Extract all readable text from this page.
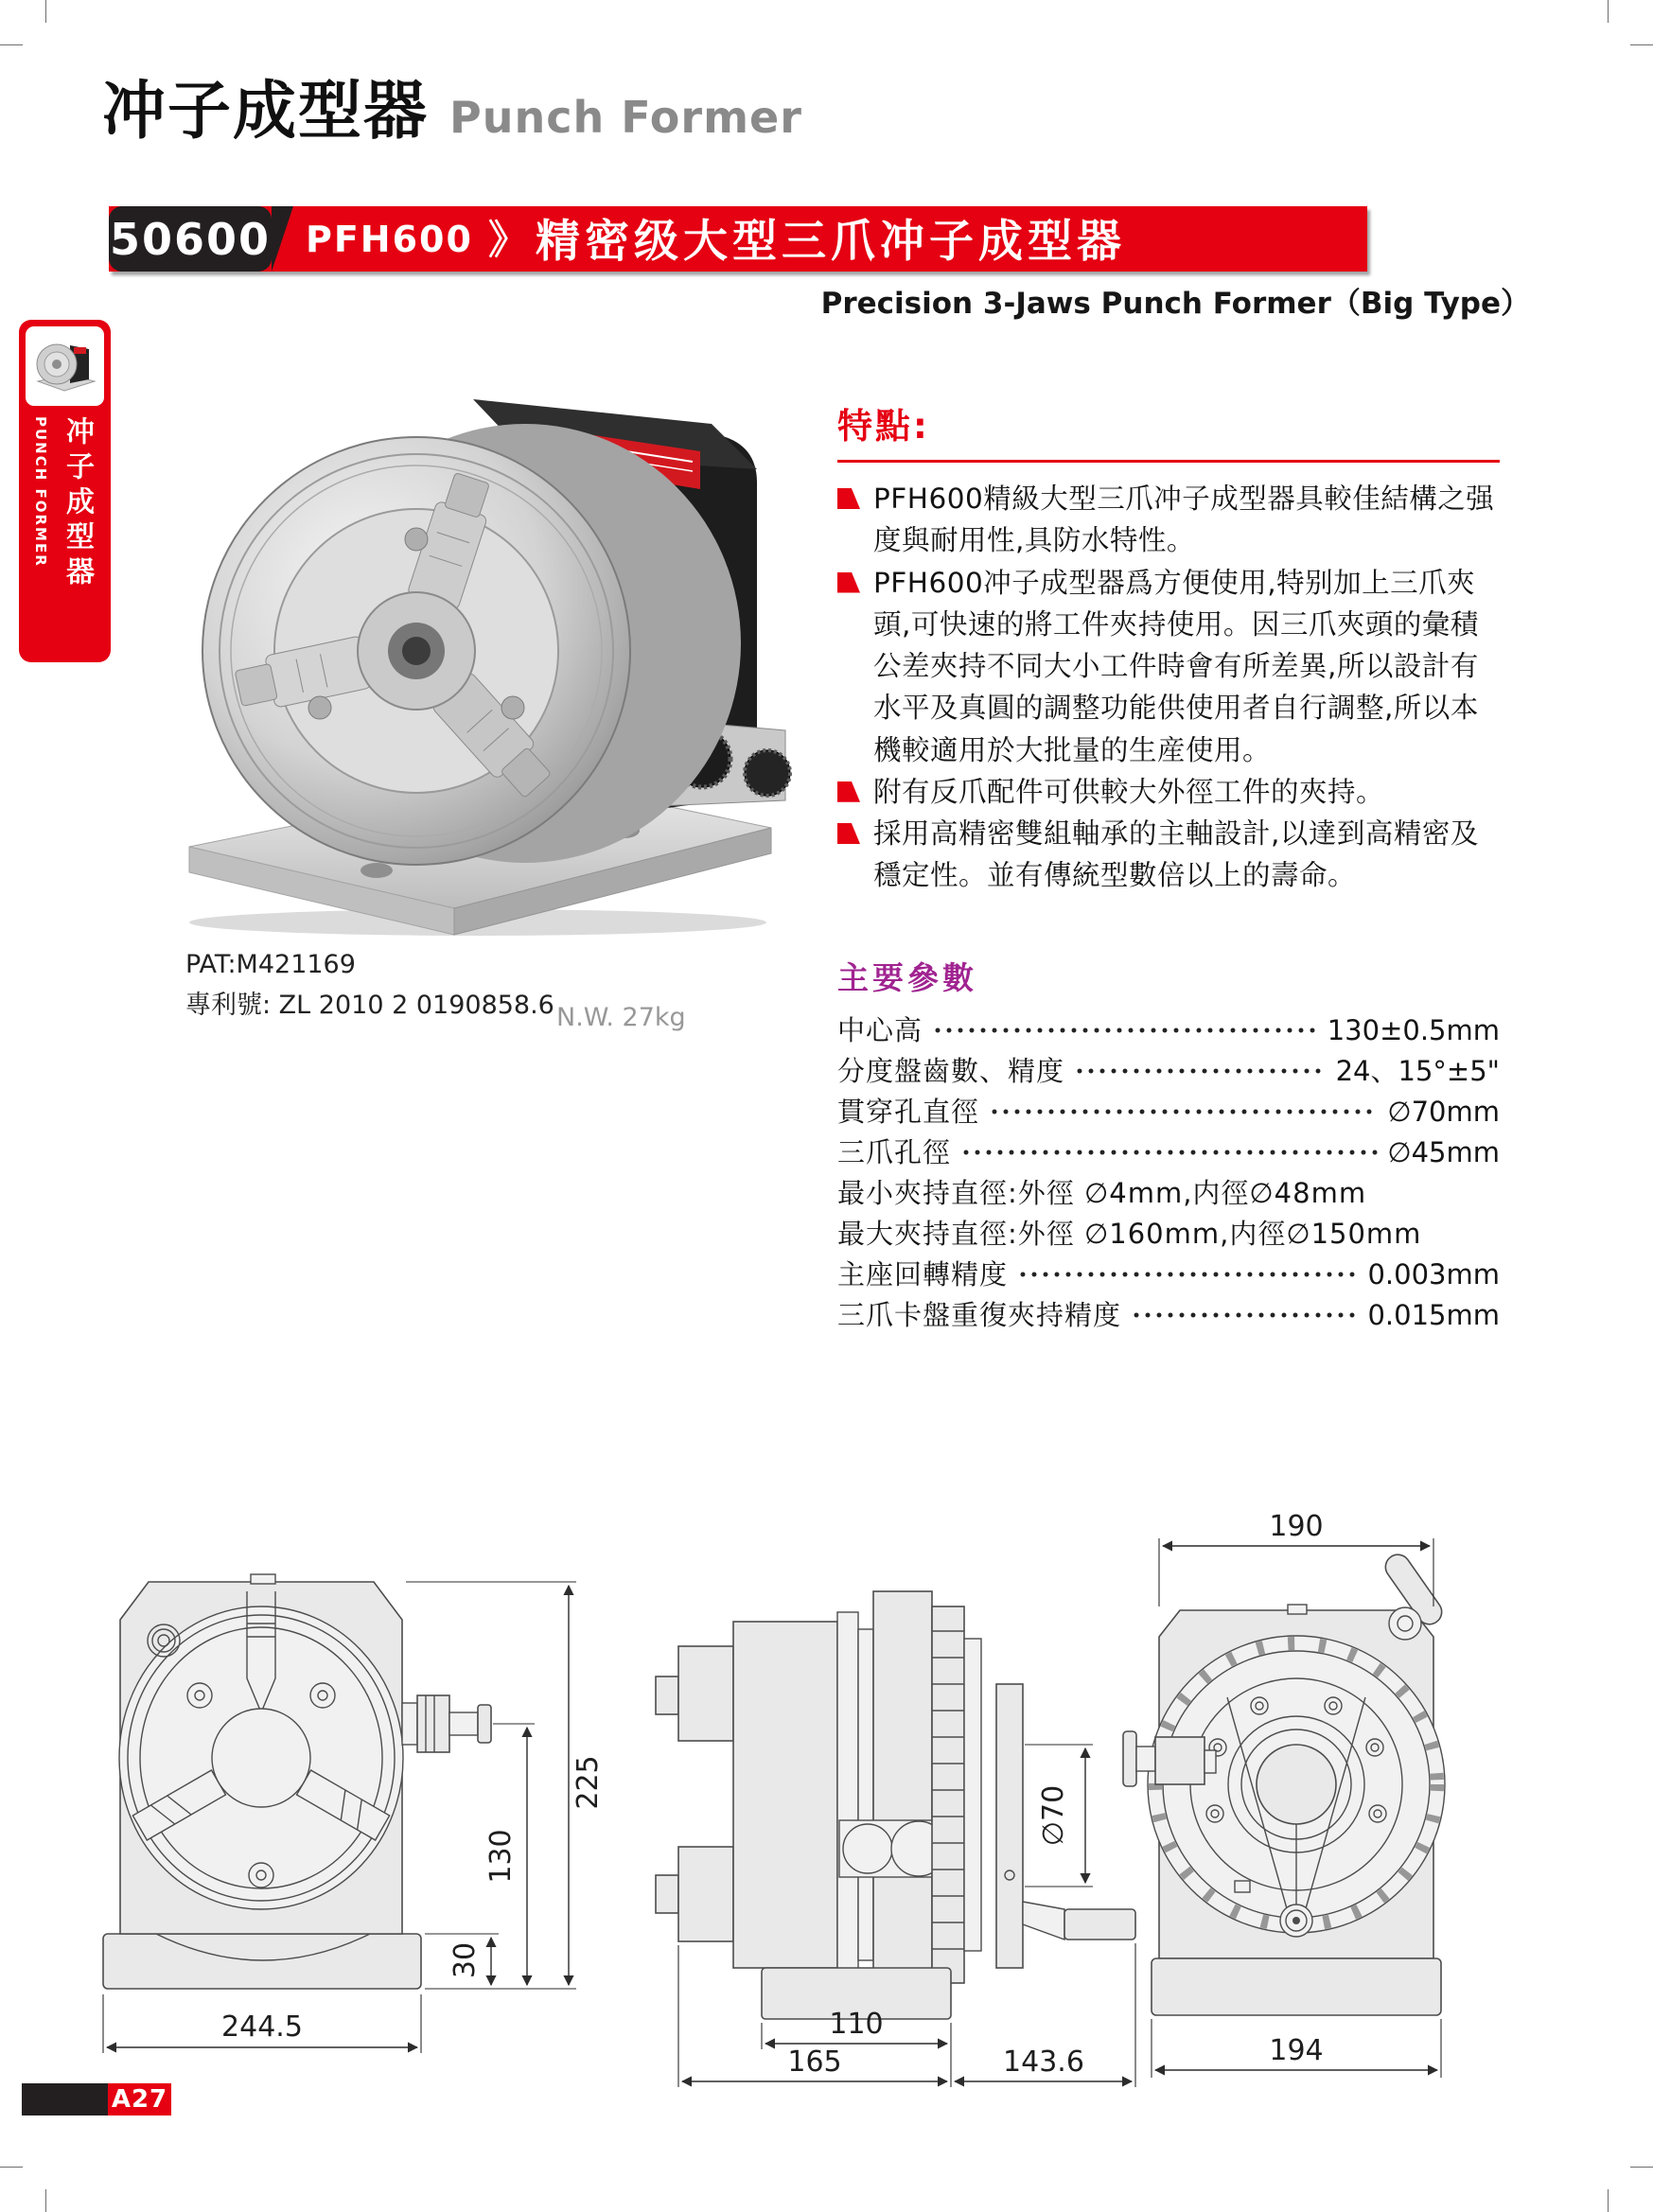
冲子成型器 Punch Former
50600 PFH600 》 精密级大型三爪冲子成型器
Precision 3-Jaws Punch Former（Big Type）
PUNCH FORMER 冲子成型器
PAT:M421169
專利號: ZL 2010 2 0190858.6 N.W. 27kg
特點:
PFH600精級大型三爪冲子成型器具較佳結構之强度與耐用性,具防水特性。
PFH600冲子成型器爲方便使用,特别加上三爪夾頭,可快速的將工件夾持使用。因三爪夾頭的彙積公差夾持不同大小工件時會有所差異,所以設計有水平及真圓的調整功能供使用者自行調整,所以本機較適用於大批量的生産使用。
附有反爪配件可供較大外徑工件的夾持。
採用高精密雙組軸承的主軸設計,以達到高精密及穩定性。並有傳統型數倍以上的壽命。
主要參數
中心高	130±0.5mm
分度盤齒數、精度	24、15°±5"
貫穿孔直徑	∅70mm
三爪孔徑	∅45mm
最小夾持直徑:外徑 ∅4mm,内徑∅48mm
最大夾持直徑:外徑 ∅160mm,内徑∅150mm
主座回轉精度	0.003mm
三爪卡盤重復夾持精度	0.015mm
225
130
30
244.5
∅70
110
165	143.6
190
194
A27
